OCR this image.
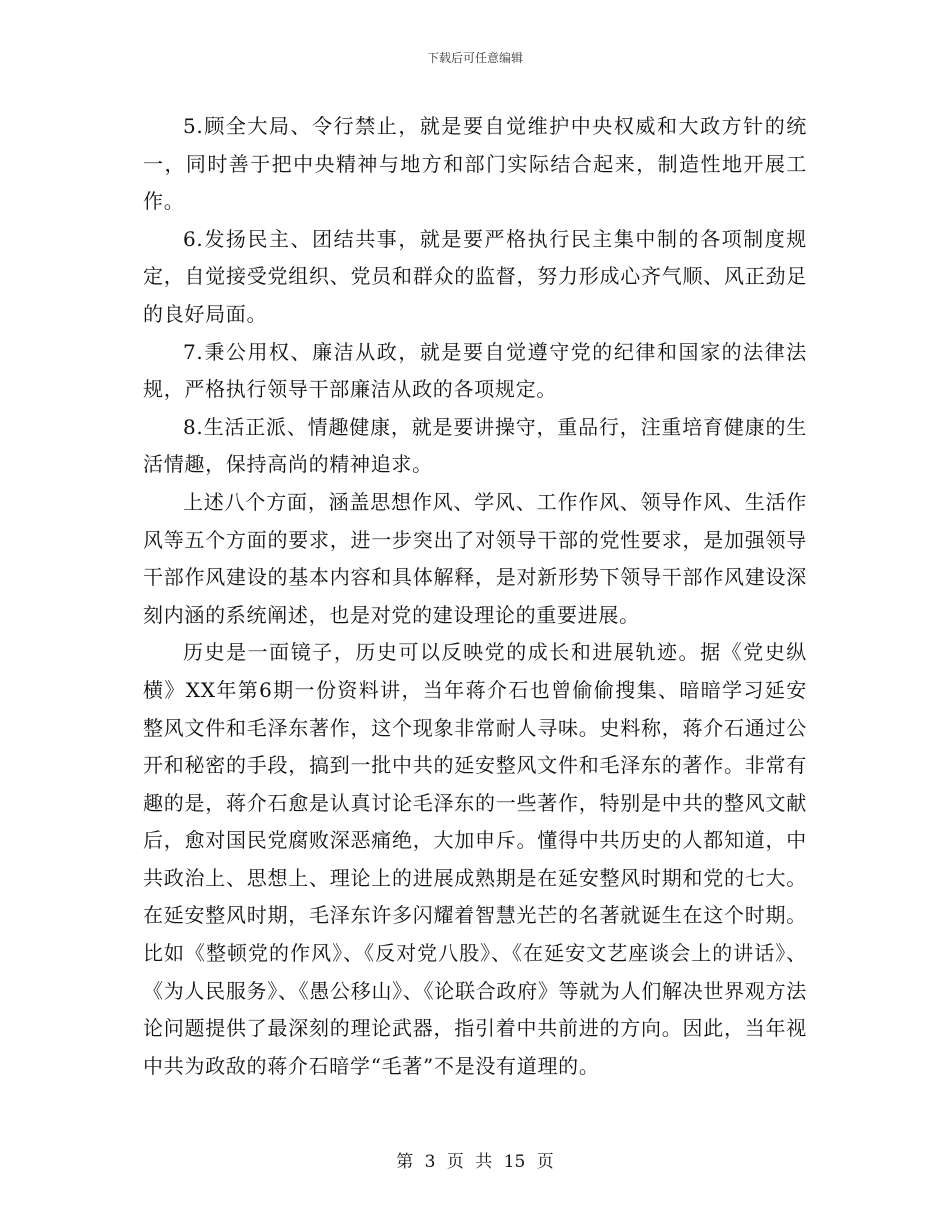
下载后可任意编辑

5.顾全大局、令行禁止，就是要自觉维护中央权威和大政方针的统一，同时善于把中央精神与地方和部门实际结合起来，制造性地开展工作。

6.发扬民主、团结共事，就是要严格执行民主集中制的各项制度规定，自觉接受党组织、党员和群众的监督，努力形成心齐气顺、风正劲足的良好局面。

7.秉公用权、廉洁从政，就是要自觉遵守党的纪律和国家的法律法规，严格执行领导干部廉洁从政的各项规定。

8.生活正派、情趣健康，就是要讲操守，重品行，注重培育健康的生活情趣，保持高尚的精神追求。

上述八个方面，涵盖思想作风、学风、工作作风、领导作风、生活作风等五个方面的要求，进一步突出了对领导干部的党性要求，是加强领导干部作风建设的基本内容和具体解释，是对新形势下领导干部作风建设深刻内涵的系统阐述，也是对党的建设理论的重要进展。

历史是一面镜子，历史可以反映党的成长和进展轨迹。据《党史纵横》XX年第6期一份资料讲，当年蒋介石也曾偷偷搜集、暗暗学习延安整风文件和毛泽东著作，这个现象非常耐人寻味。史料称，蒋介石通过公开和秘密的手段，搞到一批中共的延安整风文件和毛泽东的著作。非常有趣的是，蒋介石愈是认真讨论毛泽东的一些著作，特别是中共的整风文献后，愈对国民党腐败深恶痛绝，大加申斥。懂得中共历史的人都知道，中共政治上、思想上、理论上的进展成熟期是在延安整风时期和党的七大。在延安整风时期，毛泽东许多闪耀着智慧光芒的名著就诞生在这个时期。比如《整顿党的作风》、《反对党八股》、《在延安文艺座谈会上的讲话》、《为人民服务》、《愚公移山》、《论联合政府》等就为人们解决世界观方法论问题提供了最深刻的理论武器，指引着中共前进的方向。因此，当年视中共为政敌的蒋介石暗学“毛著”不是没有道理的。

第 3 页 共 15 页
